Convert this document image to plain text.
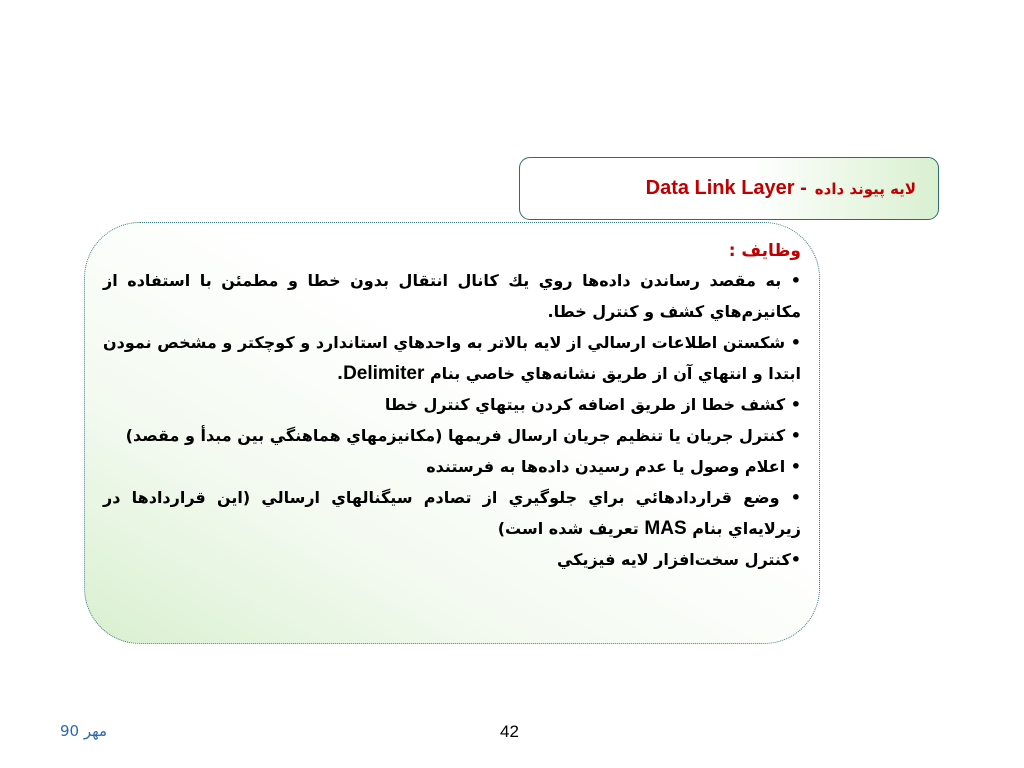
لايه پيوند داده
Data Link Layer -
وظايف :
• به مقصد رساندن داده‌ها روي يك كانال انتقال بدون خطا و مطمئن با استفاده از مكانيزم‌هاي كشف و كنترل خطا.
• شكستن اطلاعات ارسالي از لايه بالاتر به واحدهاي استاندارد و كوچكتر و مشخص نمودن ابتدا و انتهاي آن از طريق نشانه‌هاي خاصي بنام Delimiter.
• كشف خطا از طريق اضافه كردن بيتهاي كنترل خطا
• كنترل جريان يا تنظيم جريان ارسال فريمها (مكانيزمهاي هماهنگي بين مبدأ و مقصد)
• اعلام وصول يا عدم رسيدن داده‌ها به فرستنده
• وضع قراردادهائي براي جلوگيري از تصادم سيگنالهاي ارسالي (اين قراردادها در زيرلايه‌اي بنام MAS تعريف شده است)
•كنترل سخت‌افزار لايه فيزيكي
مهر 90	42
